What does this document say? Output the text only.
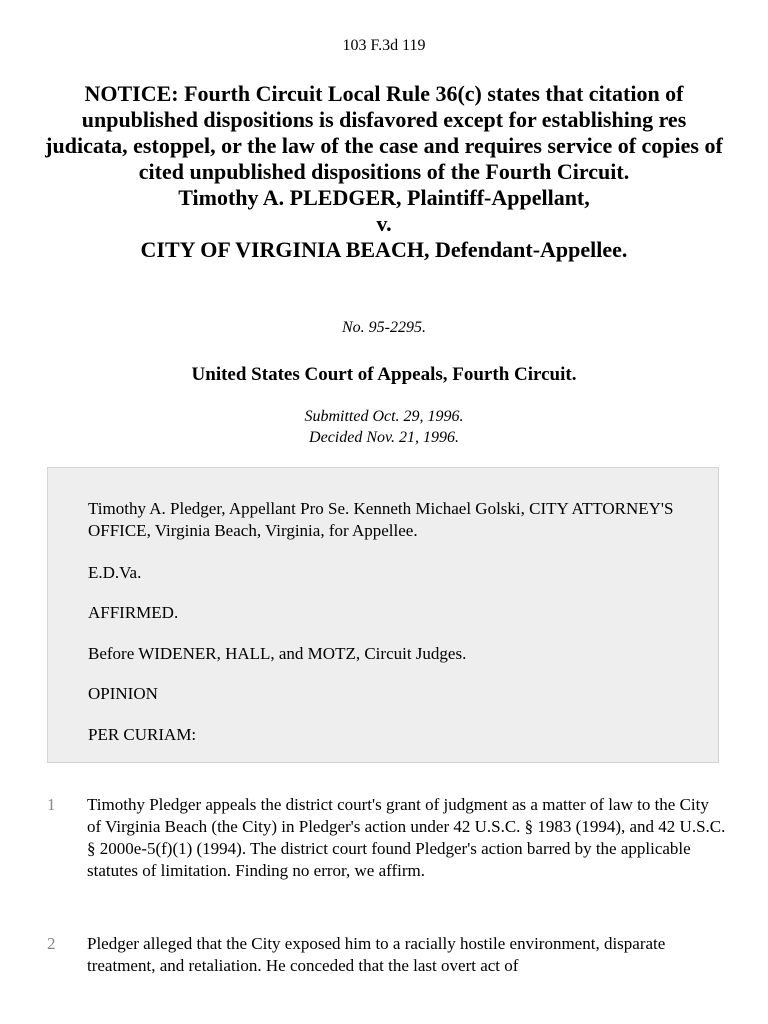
103 F.3d 119
NOTICE: Fourth Circuit Local Rule 36(c) states that citation of unpublished dispositions is disfavored except for establishing res judicata, estoppel, or the law of the case and requires service of copies of cited unpublished dispositions of the Fourth Circuit.
Timothy A. PLEDGER, Plaintiff-Appellant,
v.
CITY OF VIRGINIA BEACH, Defendant-Appellee.
No. 95-2295.
United States Court of Appeals, Fourth Circuit.
Submitted Oct. 29, 1996.
Decided Nov. 21, 1996.
Timothy A. Pledger, Appellant Pro Se. Kenneth Michael Golski, CITY ATTORNEY'S OFFICE, Virginia Beach, Virginia, for Appellee.
E.D.Va.
AFFIRMED.
Before WIDENER, HALL, and MOTZ, Circuit Judges.
OPINION
PER CURIAM:
1	Timothy Pledger appeals the district court's grant of judgment as a matter of law to the City of Virginia Beach (the City) in Pledger's action under 42 U.S.C. § 1983 (1994), and 42 U.S.C. § 2000e-5(f)(1) (1994). The district court found Pledger's action barred by the applicable statutes of limitation. Finding no error, we affirm.
2	Pledger alleged that the City exposed him to a racially hostile environment, disparate treatment, and retaliation. He conceded that the last overt act of
